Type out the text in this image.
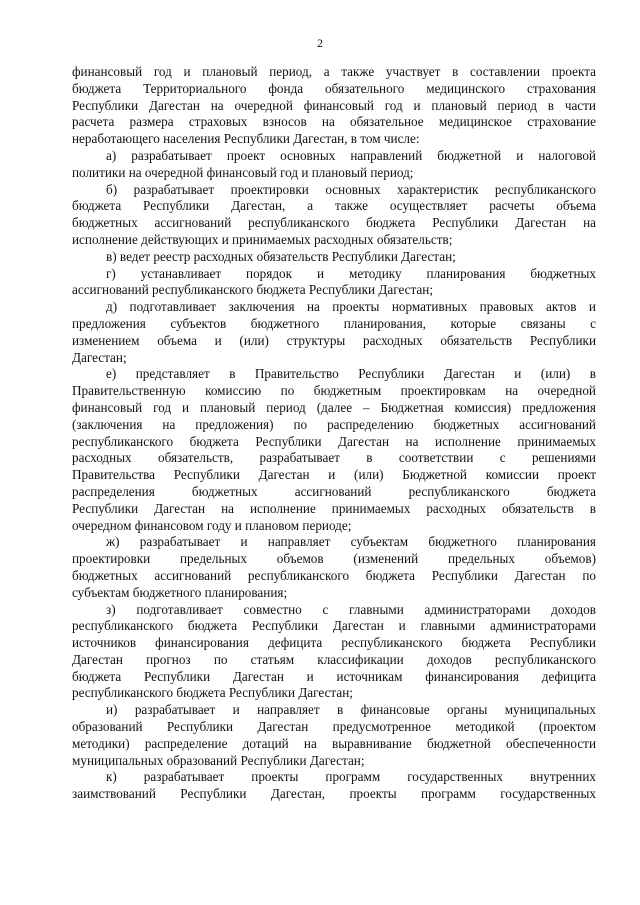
2
финансовый год и плановый период, а также участвует в составлении проекта
бюджета Территориального фонда обязательного медицинского страхования
Республики Дагестан на очередной финансовый год и плановый период в части
расчета размера страховых взносов на обязательное медицинское страхование
неработающего населения Республики Дагестан, в том числе:
а) разрабатывает проект основных направлений бюджетной и налоговой
политики на очередной финансовый год и плановый период;
б) разрабатывает проектировки основных характеристик республиканского
бюджета Республики Дагестан, а также осуществляет расчеты объема
бюджетных ассигнований республиканского бюджета Республики Дагестан на
исполнение действующих и принимаемых расходных обязательств;
в) ведет реестр расходных обязательств Республики Дагестан;
г) устанавливает порядок и методику планирования бюджетных
ассигнований республиканского бюджета Республики Дагестан;
д) подготавливает заключения на проекты нормативных правовых актов и
предложения субъектов бюджетного планирования, которые связаны с
изменением объема и (или) структуры расходных обязательств Республики
Дагестан;
е) представляет в Правительство Республики Дагестан и (или) в
Правительственную комиссию по бюджетным проектировкам на очередной
финансовый год и плановый период (далее – Бюджетная комиссия) предложения
(заключения на предложения) по распределению бюджетных ассигнований
республиканского бюджета Республики Дагестан на исполнение принимаемых
расходных обязательств, разрабатывает в соответствии с решениями
Правительства Республики Дагестан и (или) Бюджетной комиссии проект
распределения бюджетных ассигнований республиканского бюджета
Республики Дагестан на исполнение принимаемых расходных обязательств в
очередном финансовом году и плановом периоде;
ж) разрабатывает и направляет субъектам бюджетного планирования
проектировки предельных объемов (изменений предельных объемов)
бюджетных ассигнований республиканского бюджета Республики Дагестан по
субъектам бюджетного планирования;
з) подготавливает совместно с главными администраторами доходов
республиканского бюджета Республики Дагестан и главными администраторами
источников финансирования дефицита республиканского бюджета Республики
Дагестан прогноз по статьям классификации доходов республиканского
бюджета Республики Дагестан и источникам финансирования дефицита
республиканского бюджета Республики Дагестан;
и) разрабатывает и направляет в финансовые органы муниципальных
образований Республики Дагестан предусмотренное методикой (проектом
методики) распределение дотаций на выравнивание бюджетной обеспеченности
муниципальных образований Республики Дагестан;
к) разрабатывает проекты программ государственных внутренних
заимствований Республики Дагестан, проекты программ государственных
